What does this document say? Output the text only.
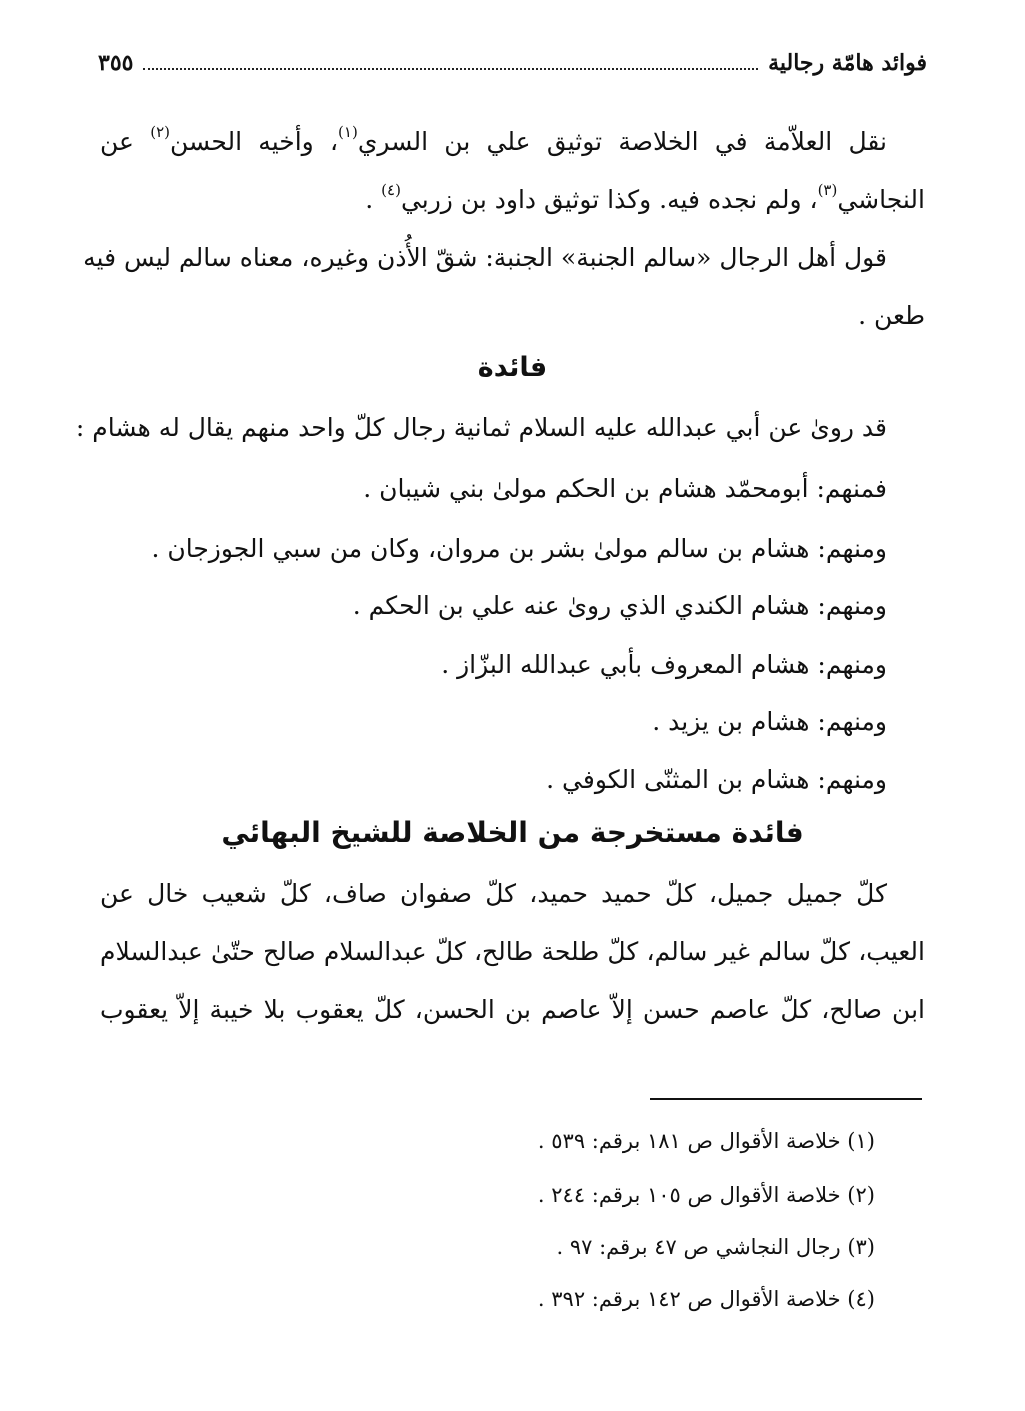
فوائد هامّة رجالية
٣٥٥
نقل العلاّمة في الخلاصة توثيق علي بن السري$^{(١)}$، وأخيه الحسن$^{(٢)}$ عن
النجاشي$^{(٣)}$، ولم نجده فيه. وكذا توثيق داود بن زربي$^{(٤)}$ .
قول أهل الرجال «سالم الجنبة» الجنبة: شقّ الأُذن وغيره، معناه سالم ليس فيه
طعن .
فائدة
قد رویٰ عن أبي عبدالله عليه السلام ثمانية رجال كلّ واحد منهم يقال له هشام :
فمنهم: أبومحمّد هشام بن الحكم مولیٰ بني شيبان .
ومنهم: هشام بن سالم مولیٰ بشر بن مروان، وكان من سبي الجوزجان .
ومنهم: هشام الكندي الذي رویٰ عنه علي بن الحكم .
ومنهم: هشام المعروف بأبي عبدالله البزّاز .
ومنهم: هشام بن يزيد .
ومنهم: هشام بن المثنّى الكوفي .
فائدة مستخرجة من الخلاصة للشيخ البهائي
كلّ جميل جميل، كلّ حميد حميد، كلّ صفوان صاف، كلّ شعيب خال عن
العيب، كلّ سالم غير سالم، كلّ طلحة طالح، كلّ عبدالسلام صالح حتّیٰ عبدالسلام
ابن صالح، كلّ عاصم حسن إلاّ عاصم بن الحسن، كلّ يعقوب بلا خيبة إلاّ يعقوب
(١) خلاصة الأقوال ص ١٨١ برقم: ٥٣٩ .
(٢) خلاصة الأقوال ص ١٠٥ برقم: ٢٤٤ .
(٣) رجال النجاشي ص ٤٧ برقم: ٩٧ .
(٤) خلاصة الأقوال ص ١٤٢ برقم: ٣٩٢ .
